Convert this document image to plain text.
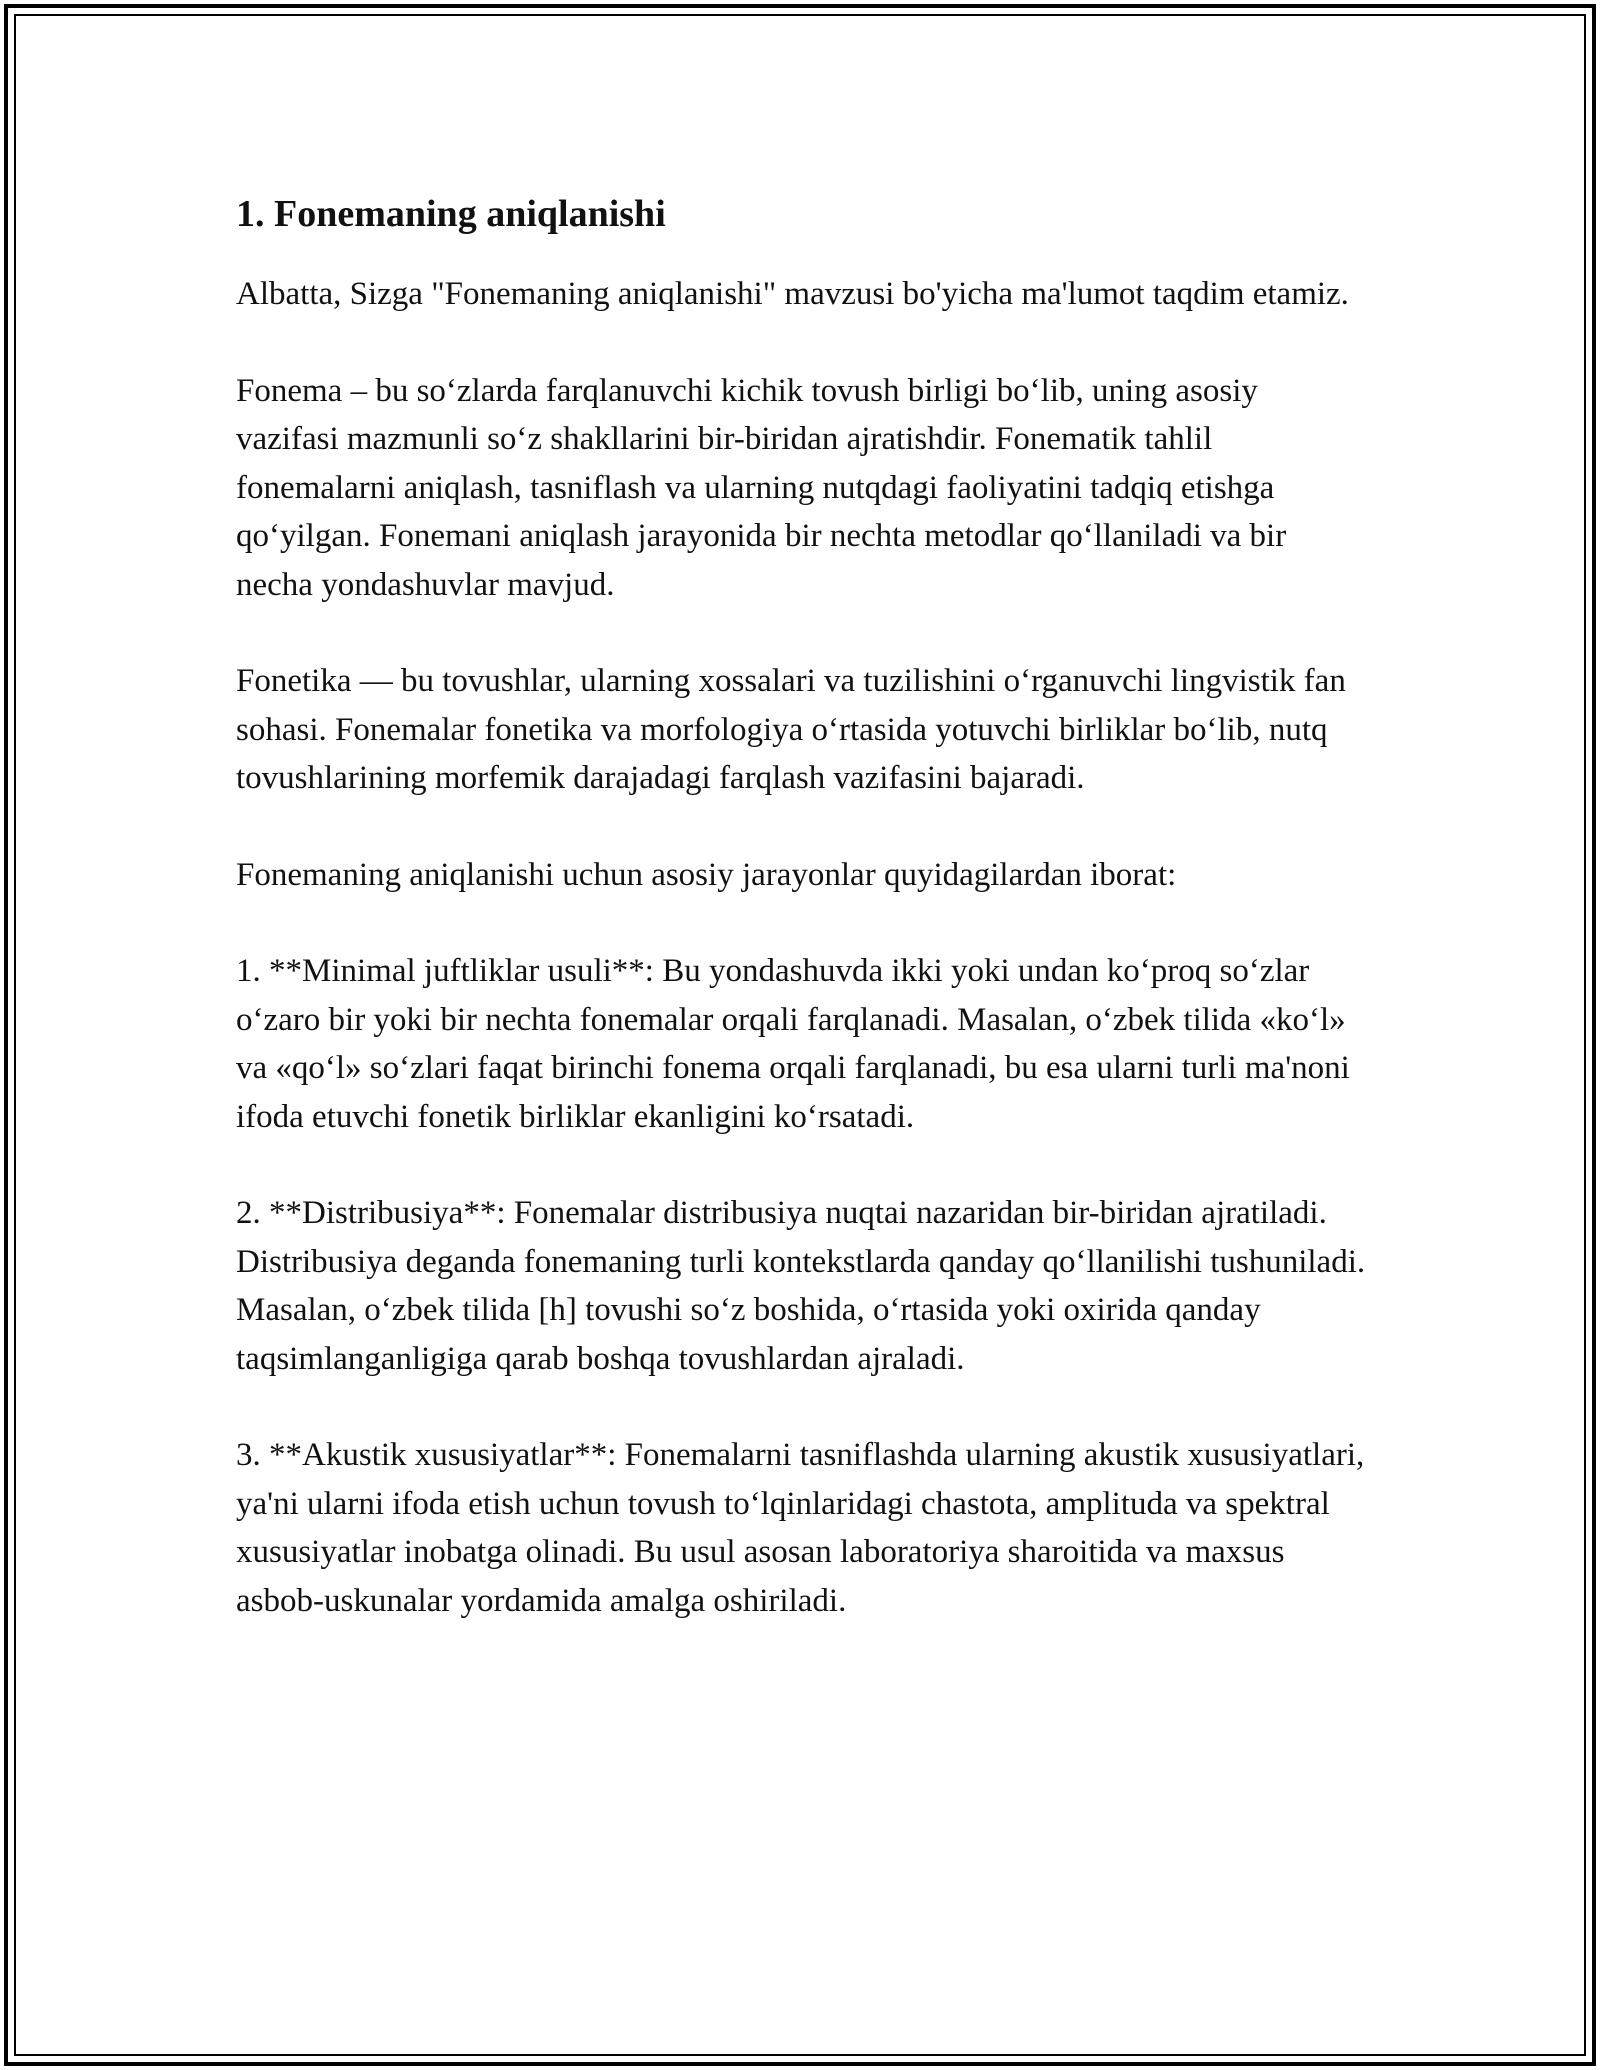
1. Fonemaning aniqlanishi

Albatta, Sizga "Fonemaning aniqlanishi" mavzusi bo'yicha ma'lumot taqdim etamiz.

Fonema – bu so‘zlarda farqlanuvchi kichik tovush birligi bo‘lib, uning asosiy vazifasi mazmunli so‘z shakllarini bir-biridan ajratishdir. Fonematik tahlil fonemalarni aniqlash, tasniflash va ularning nutqdagi faoliyatini tadqiq etishga qo‘yilgan. Fonemani aniqlash jarayonida bir nechta metodlar qo‘llaniladi va bir necha yondashuvlar mavjud.

Fonetika — bu tovushlar, ularning xossalari va tuzilishini o‘rganuvchi lingvistik fan sohasi. Fonemalar fonetika va morfologiya o‘rtasida yotuvchi birliklar bo‘lib, nutq tovushlarining morfemik darajadagi farqlash vazifasini bajaradi.

Fonemaning aniqlanishi uchun asosiy jarayonlar quyidagilardan iborat:

1. **Minimal juftliklar usuli**: Bu yondashuvda ikki yoki undan ko‘proq so‘zlar o‘zaro bir yoki bir nechta fonemalar orqali farqlanadi. Masalan, o‘zbek tilida «ko‘l» va «qo‘l» so‘zlari faqat birinchi fonema orqali farqlanadi, bu esa ularni turli ma'noni ifoda etuvchi fonetik birliklar ekanligini ko‘rsatadi.

2. **Distribusiya**: Fonemalar distribusiya nuqtai nazaridan bir-biridan ajratiladi. Distribusiya deganda fonemaning turli kontekstlarda qanday qo‘llanilishi tushuniladi. Masalan, o‘zbek tilida [h] tovushi so‘z boshida, o‘rtasida yoki oxirida qanday taqsimlanganligiga qarab boshqa tovushlardan ajraladi.

3. **Akustik xususiyatlar**: Fonemalarni tasniflashda ularning akustik xususiyatlari, ya'ni ularni ifoda etish uchun tovush to‘lqinlaridagi chastota, amplituda va spektral xususiyatlar inobatga olinadi. Bu usul asosan laboratoriya sharoitida va maxsus asbob-uskunalar yordamida amalga oshiriladi.
